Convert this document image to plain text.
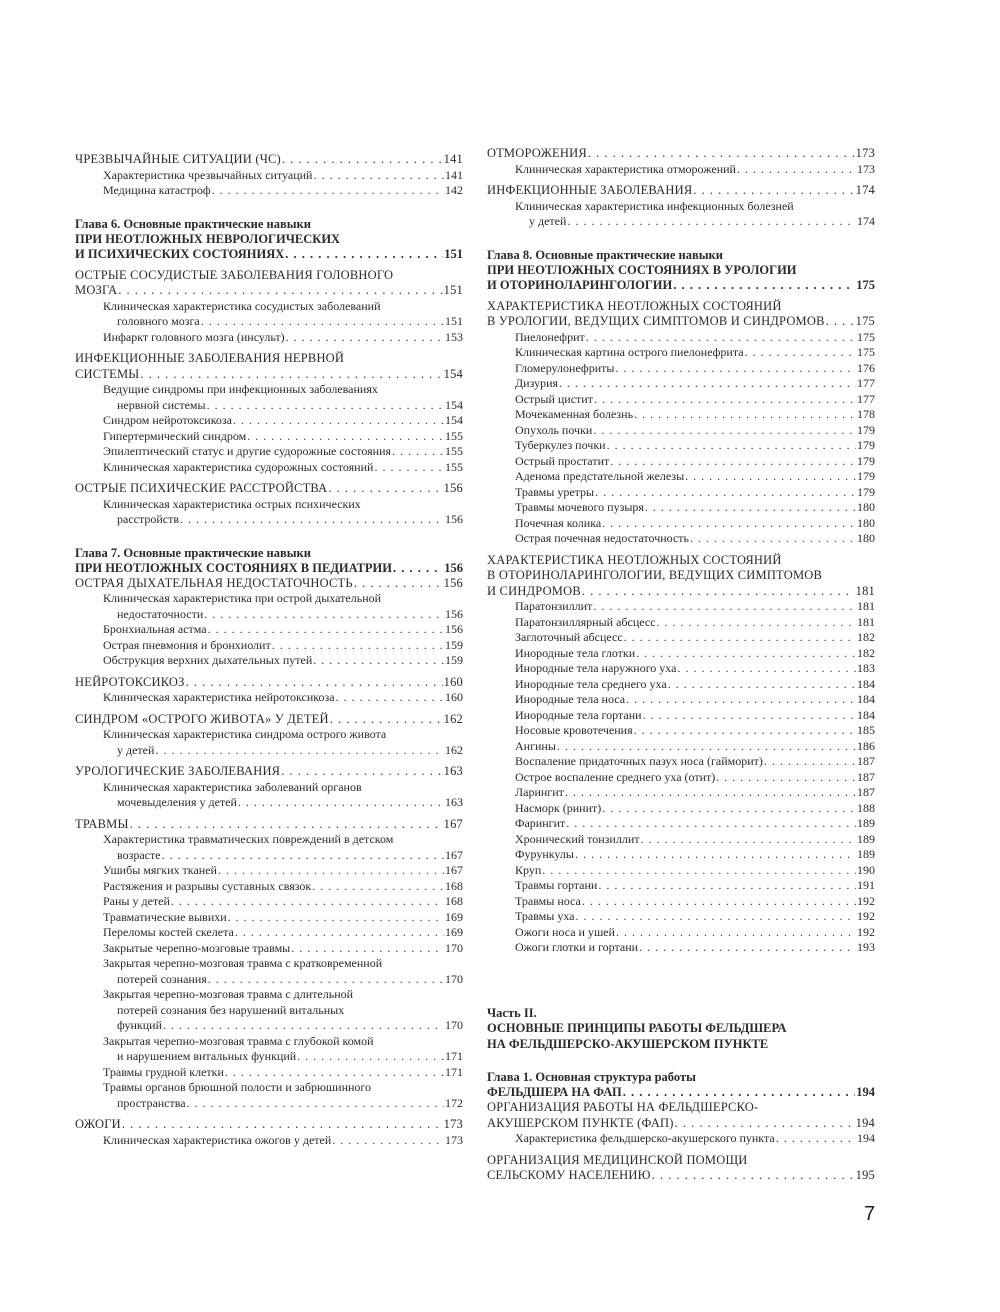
ЧРЕЗВЫЧАЙНЫЕ СИТУАЦИИ (ЧС) . . .	141
Характеристика чрезвычайных ситуаций . . .	141
Медицина катастроф . . .	142
Глава 6. Основные практические навыки
ПРИ НЕОТЛОЖНЫХ НЕВРОЛОГИЧЕСКИХ
И ПСИХИЧЕСКИХ СОСТОЯНИЯХ . . .	151
ОСТРЫЕ СОСУДИСТЫЕ ЗАБОЛЕВАНИЯ ГОЛОВНОГО
МОЗГА . . .	151
Клиническая характеристика сосудистых заболеваний
головного мозга . . .	151
Инфаркт головного мозга (инсульт) . . .	153
ИНФЕКЦИОННЫЕ ЗАБОЛЕВАНИЯ НЕРВНОЙ
СИСТЕМЫ . . .	154
Ведущие синдромы при инфекционных заболеваниях
нервной системы . . .	154
Синдром нейротоксикоза . . .	154
Гипертермический синдром . . .	155
Эпилептический статус и другие судорожные состояния . . .	155
Клиническая характеристика судорожных состояний . . .	155
ОСТРЫЕ ПСИХИЧЕСКИЕ РАССТРОЙСТВА . . .	156
Клиническая характеристика острых психических
расстройств . . .	156
Глава 7. Основные практические навыки
ПРИ НЕОТЛОЖНЫХ СОСТОЯНИЯХ В ПЕДИАТРИИ . . .	156
ОСТРАЯ ДЫХАТЕЛЬНАЯ НЕДОСТАТОЧНОСТЬ . . .	156
Клиническая характеристика при острой дыхательной
недостаточности . . .	156
Бронхиальная астма . . .	156
Острая пневмония и бронхиолит . . .	159
Обструкция верхних дыхательных путей . . .	159
НЕЙРОТОКСИКОЗ . . .	160
Клиническая характеристика нейротоксикоза . . .	160
СИНДРОМ «ОСТРОГО ЖИВОТА» У ДЕТЕЙ . . .	162
Клиническая характеристика синдрома острого живота
у детей . . .	162
УРОЛОГИЧЕСКИЕ ЗАБОЛЕВАНИЯ . . .	163
Клиническая характеристика заболеваний органов
мочевыделения у детей . . .	163
ТРАВМЫ . . .	167
Характеристика травматических повреждений в детском
возрасте . . .	167
Ушибы мягких тканей . . .	167
Растяжения и разрывы суставных связок . . .	168
Раны у детей . . .	168
Травматические вывихи . . .	169
Переломы костей скелета . . .	169
Закрытые черепно-мозговые травмы . . .	170
Закрытая черепно-мозговая травма с кратковременной
потерей сознания . . .	170
Закрытая черепно-мозговая травма с длительной
потерей сознания без нарушений витальных
функций . . .	170
Закрытая черепно-мозговая травма с глубокой комой
и нарушением витальных функций . . .	171
Травмы грудной клетки . . .	171
Травмы органов брюшной полости и забрюшинного
пространства . . .	172
ОЖОГИ . . .	173
Клиническая характеристика ожогов у детей . . .	173
ОТМОРОЖЕНИЯ . . .	173
Клиническая характеристика отморожений . . .	173
ИНФЕКЦИОННЫЕ ЗАБОЛЕВАНИЯ . . .	174
Клиническая характеристика инфекционных болезней
у детей . . .	174
Глава 8. Основные практические навыки
ПРИ НЕОТЛОЖНЫХ СОСТОЯНИЯХ В УРОЛОГИИ
И ОТОРИНОЛАРИНГОЛОГИИ . . .	175
ХАРАКТЕРИСТИКА НЕОТЛОЖНЫХ СОСТОЯНИЙ
В УРОЛОГИИ, ВЕДУЩИХ СИМПТОМОВ И СИНДРОМОВ . . . 175
Пиелонефрит . . .	175
Клиническая картина острого пиелонефрита . . .	175
Гломерулонефриты . . .	176
Дизурия . . .	177
Острый цистит . . .	177
Мочекаменная болезнь . . .	178
Опухоль почки . . .	179
Туберкулез почки . . .	179
Острый простатит . . .	179
Аденома предстательной железы . . .	179
Травмы уретры . . .	179
Травмы мочевого пузыря . . .	180
Почечная колика . . .	180
Острая почечная недостаточность . . .	180
ХАРАКТЕРИСТИКА НЕОТЛОЖНЫХ СОСТОЯНИЙ
В ОТОРИНОЛАРИНГОЛОГИИ, ВЕДУЩИХ СИМПТОМОВ
И СИНДРОМОВ . . .	181
Паратонзиллит . . .	181
Паратонзиллярный абсцесс . . .	181
Заглоточный абсцесс . . .	182
Инородные тела глотки . . .	182
Инородные тела наружного уха . . .	183
Инородные тела среднего уха . . .	184
Инородные тела носа . . .	184
Инородные тела гортани . . .	184
Носовые кровотечения . . .	185
Ангины . . .	186
Воспаление придаточных пазух носа (гайморит) . . .	187
Острое воспаление среднего уха (отит) . . .	187
Ларингит . . .	187
Насморк (ринит) . . .	188
Фарингит . . .	189
Хронический тонзиллит . . .	189
Фурункулы . . .	189
Круп . . .	190
Травмы гортани . . .	191
Травмы носа . . .	192
Травмы уха . . .	192
Ожоги носа и ушей . . .	192
Ожоги глотки и гортани . . .	193
Часть II.
ОСНОВНЫЕ ПРИНЦИПЫ РАБОТЫ ФЕЛЬДШЕРА
НА ФЕЛЬДШЕРСКО-АКУШЕРСКОМ ПУНКТЕ
Глава 1. Основная структура работы
ФЕЛЬДШЕРА НА ФАП . . .	194
ОРГАНИЗАЦИЯ РАБОТЫ НА ФЕЛЬДШЕРСКО-
АКУШЕРСКОМ ПУНКТЕ (ФАП) . . .	194
Характеристика фельдшерско-акушерского пункта . . .	194
ОРГАНИЗАЦИЯ МЕДИЦИНСКОЙ ПОМОЩИ
СЕЛЬСКОМУ НАСЕЛЕНИЮ . . .	195
7
